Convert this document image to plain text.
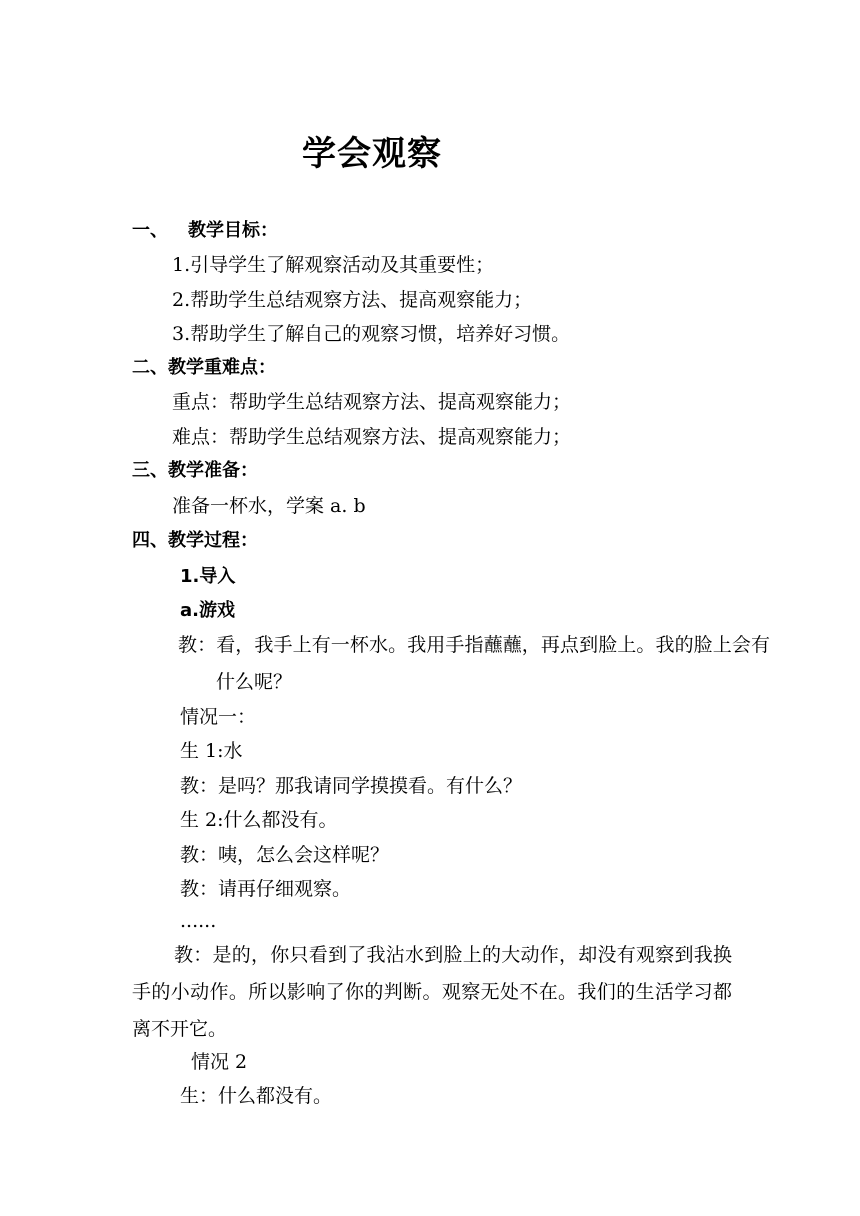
学会观察
一、 教学目标：
1.引导学生了解观察活动及其重要性；
2.帮助学生总结观察方法、提高观察能力；
3.帮助学生了解自己的观察习惯，培养好习惯。
二、教学重难点：
重点：帮助学生总结观察方法、提高观察能力；
难点：帮助学生总结观察方法、提高观察能力；
三、教学准备：
准备一杯水，学案 a. b
四、教学过程：
1.导入
a.游戏
教：看，我手上有一杯水。我用手指蘸蘸，再点到脸上。我的脸上会有什么呢？
情况一：
生 1:水
教：是吗？那我请同学摸摸看。有什么？
生 2:什么都没有。
教：咦，怎么会这样呢？
教：请再仔细观察。
......
教：是的，你只看到了我沾水到脸上的大动作，却没有观察到我换手的小动作。所以影响了你的判断。观察无处不在。我们的生活学习都离不开它。
情况 2
生：什么都没有。
